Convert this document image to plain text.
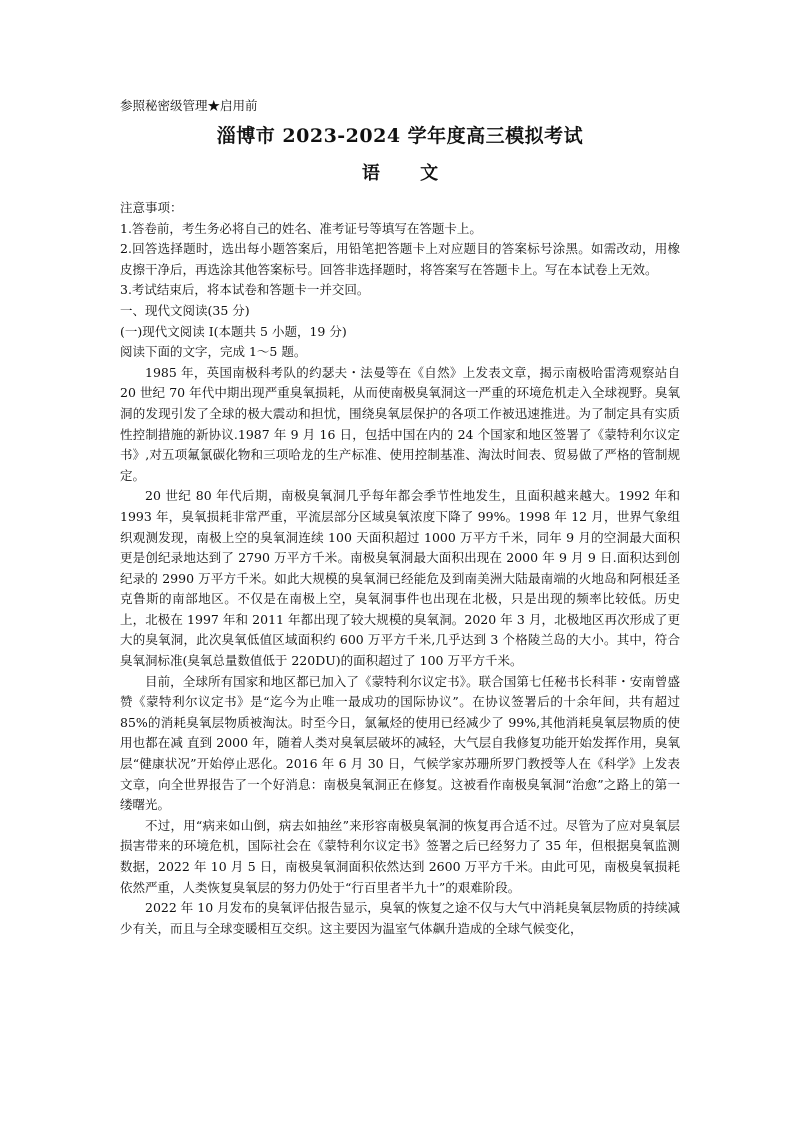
参照秘密级管理★启用前

淄博市 2023-2024 学年度高三模拟考试
语 文

注意事项：

1.答卷前，考生务必将自己的姓名、准考证号等填写在答题卡上。

2.回答选择题时，选出每小题答案后，用铅笔把答题卡上对应题目的答案标号涂黑。如需改动，用橡皮擦干净后，再选涂其他答案标号。回答非选择题时，将答案写在答题卡上。写在本试卷上无效。

3.考试结束后，将本试卷和答题卡一并交回。

一、现代文阅读(35 分)

(一)现代文阅读 I(本题共 5 小题，19 分)

阅读下面的文字，完成 1～5 题。

1985 年，英国南极科考队的约瑟夫・法曼等在《自然》上发表文章，揭示南极哈雷湾观察站自 20 世纪 70 年代中期出现严重臭氧损耗，从而使南极臭氧洞这一严重的环境危机走入全球视野。臭氧洞的发现引发了全球的极大震动和担忧，围绕臭氧层保护的各项工作被迅速推进。为了制定具有实质性控制措施的新协议.1987 年 9 月 16 日，包括中国在内的 24 个国家和地区签署了《蒙特利尔议定书》,对五项氟氯碳化物和三项哈龙的生产标准、使用控制基准、淘汰时间表、贸易做了严格的管制规定。

20 世纪 80 年代后期，南极臭氧洞几乎每年都会季节性地发生，且面积越来越大。1992 年和 1993 年，臭氧损耗非常严重，平流层部分区域臭氧浓度下降了 99%。1998 年 12 月，世界气象组织观测发现，南极上空的臭氧洞连续 100 天面积超过 1000 万平方千米，同年 9 月的空洞最大面积更是创纪录地达到了 2790 万平方千米。南极臭氧洞最大面积出现在 2000 年 9 月 9 日.面积达到创纪录的 2990 万平方千米。如此大规模的臭氧洞已经能危及到南美洲大陆最南端的火地岛和阿根廷圣克鲁斯的南部地区。不仅是在南极上空，臭氧洞事件也出现在北极，只是出现的频率比较低。历史上，北极在 1997 年和 2011 年都出现了较大规模的臭氧洞。2020 年 3 月，北极地区再次形成了更大的臭氧洞，此次臭氧低值区域面积约 600 万平方千米,几乎达到 3 个格陵兰岛的大小。其中，符合臭氧洞标准(臭氧总量数值低于 220DU)的面积超过了 100 万平方千米。

目前，全球所有国家和地区都已加入了《蒙特利尔议定书》。联合国第七任秘书长科菲・安南曾盛赞《蒙特利尔议定书》是“迄今为止唯一最成功的国际协议”。在协议签署后的十余年间，共有超过 85%的消耗臭氧层物质被淘汰。时至今日，氯氟烃的使用已经减少了 99%,其他消耗臭氧层物质的使用也都在减 直到 2000 年，随着人类对臭氧层破坏的减轻，大气层自我修复功能开始发挥作用，臭氧层“健康状况”开始停止恶化。2016 年 6 月 30 日，气候学家苏珊所罗门教授等人在《科学》上发表文章，向全世界报告了一个好消息：南极臭氧洞正在修复。这被看作南极臭氧洞“治愈”之路上的第一缕曙光。

不过，用“病来如山倒，病去如抽丝”来形容南极臭氧洞的恢复再合适不过。尽管为了应对臭氧层损害带来的环境危机，国际社会在《蒙特利尔议定书》签署之后已经努力了 35 年，但根据臭氧监测数据，2022 年 10 月 5 日，南极臭氧洞面积依然达到 2600 万平方千米。由此可见，南极臭氧损耗依然严重，人类恢复臭氧层的努力仍处于“行百里者半九十”的艰难阶段。

2022 年 10 月发布的臭氧评估报告显示，臭氧的恢复之途不仅与大气中消耗臭氧层物质的持续减少有关，而且与全球变暖相互交织。这主要因为温室气体飙升造成的全球气候变化，
